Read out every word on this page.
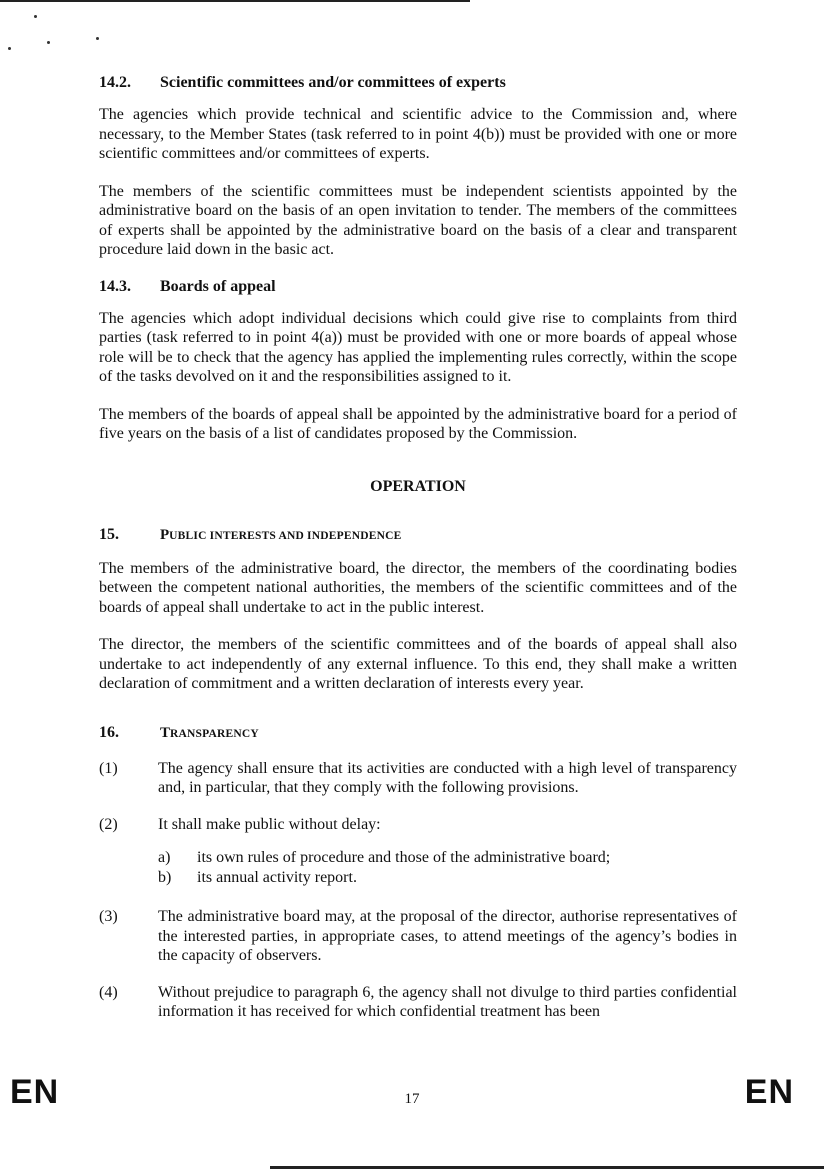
14.2. Scientific committees and/or committees of experts

The agencies which provide technical and scientific advice to the Commission and, where necessary, to the Member States (task referred to in point 4(b)) must be provided with one or more scientific committees and/or committees of experts.

The members of the scientific committees must be independent scientists appointed by the administrative board on the basis of an open invitation to tender. The members of the committees of experts shall be appointed by the administrative board on the basis of a clear and transparent procedure laid down in the basic act.

14.3. Boards of appeal

The agencies which adopt individual decisions which could give rise to complaints from third parties (task referred to in point 4(a)) must be provided with one or more boards of appeal whose role will be to check that the agency has applied the implementing rules correctly, within the scope of the tasks devolved on it and the responsibilities assigned to it.

The members of the boards of appeal shall be appointed by the administrative board for a period of five years on the basis of a list of candidates proposed by the Commission.

OPERATION
15.	PUBLIC INTERESTS AND INDEPENDENCE

The members of the administrative board, the director, the members of the coordinating bodies between the competent national authorities, the members of the scientific committees and of the boards of appeal shall undertake to act in the public interest.

The director, the members of the scientific committees and of the boards of appeal shall also undertake to act independently of any external influence. To this end, they shall make a written declaration of commitment and a written declaration of interests every year.

16.	TRANSPARENCY
(1)	The agency shall ensure that its activities are conducted with a high level of transparency and, in particular, that they comply with the following provisions.
(2)	It shall make public without delay:
a) its own rules of procedure and those of the administrative board;
b) its annual activity report.
(3)	The administrative board may, at the proposal of the director, authorise representatives of the interested parties, in appropriate cases, to attend meetings of the agency’s bodies in the capacity of observers.
(4)	Without prejudice to paragraph 6, the agency shall not divulge to third parties confidential information it has received for which confidential treatment has been
EN	17	EN
